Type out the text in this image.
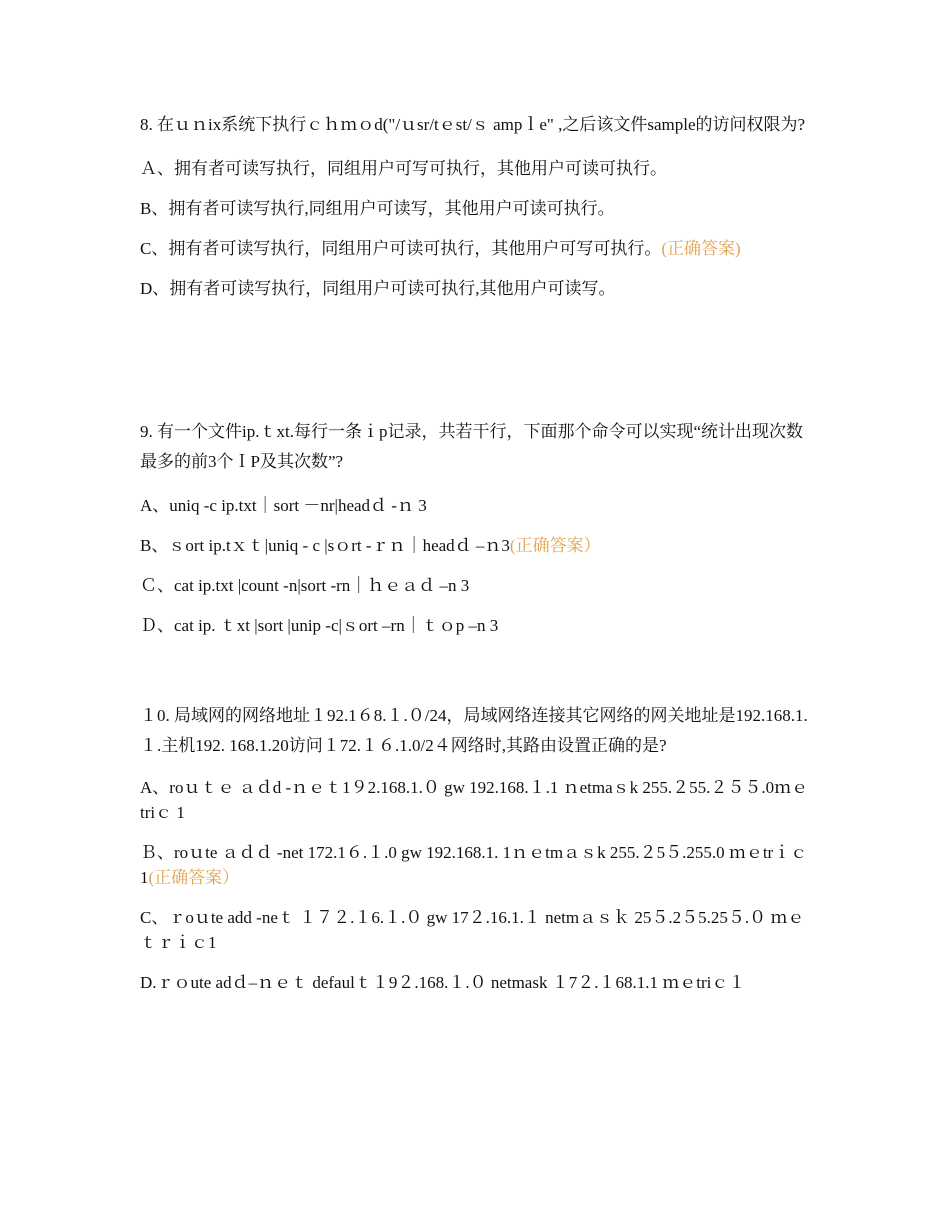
8. 在ｕｎix系统下执行ｃｈｍｏd("/ｕsr/tｅst/ｓ ampｌe" ,之后该文件sample的访问权限为?

Ａ、拥有者可读写执行，同组用户可写可执行，其他用户可读可执行。

B、拥有者可读写执行,同组用户可读写，其他用户可读可执行。

C、拥有者可读写执行，同组用户可读可执行，其他用户可写可执行。(正确答案)

D、拥有者可读写执行，同组用户可读可执行,其他用户可读写。

9. 有一个文件ip.ｔxt.每行一条ｉp记录，共若干行，下面那个命令可以实现“统计出现次数最多的前3个ＩP及其次数”?

A、uniq -c ip.txt｜sort －nr|headｄ -ｎ 3

B、ｓort ip.tｘｔ|uniq - c |sｏrt -ｒｎ｜headｄ –ｎ3(正确答案）

Ｃ、cat ip.txt |count -n|sort -rn｜ｈｅａｄ –n 3

Ｄ、cat ip. ｔxt |sort |unip -c|ｓort –rn｜ｔｏp –n 3

１0. 局域网的网络地址１92.1６8.１.０/24，局域网络连接其它网络的网关地址是192.168.1.１.主机192. 168.1.20访问１72.１６.1.0/2４网络时,其路由设置正确的是?

A、roｕｔｅ ａｄd -ｎｅｔ1９2.168.1.０ gw 192.168.１.1 ｎetmaｓk 255.２55.２５５.0ｍｅtriｃ 1

Ｂ、roｕte ａｄｄ -net 172.1６.１.0 gw 192.168.1. 1ｎｅtmａｓk 255.２5５.255.0 ｍｅtrｉｃ1(正确答案）

C、ｒoｕte add -neｔ １７２.１6.１.０ gw 17２.16.1.１ netmａｓｋ 25５.2５5.25５.０ ｍｅｔｒｉｃ1

D.ｒｏute adｄ–ｎｅｔ defaulｔ１9２.168.１.０ netmask １7２.１68.1.1 ｍｅtriｃ１
